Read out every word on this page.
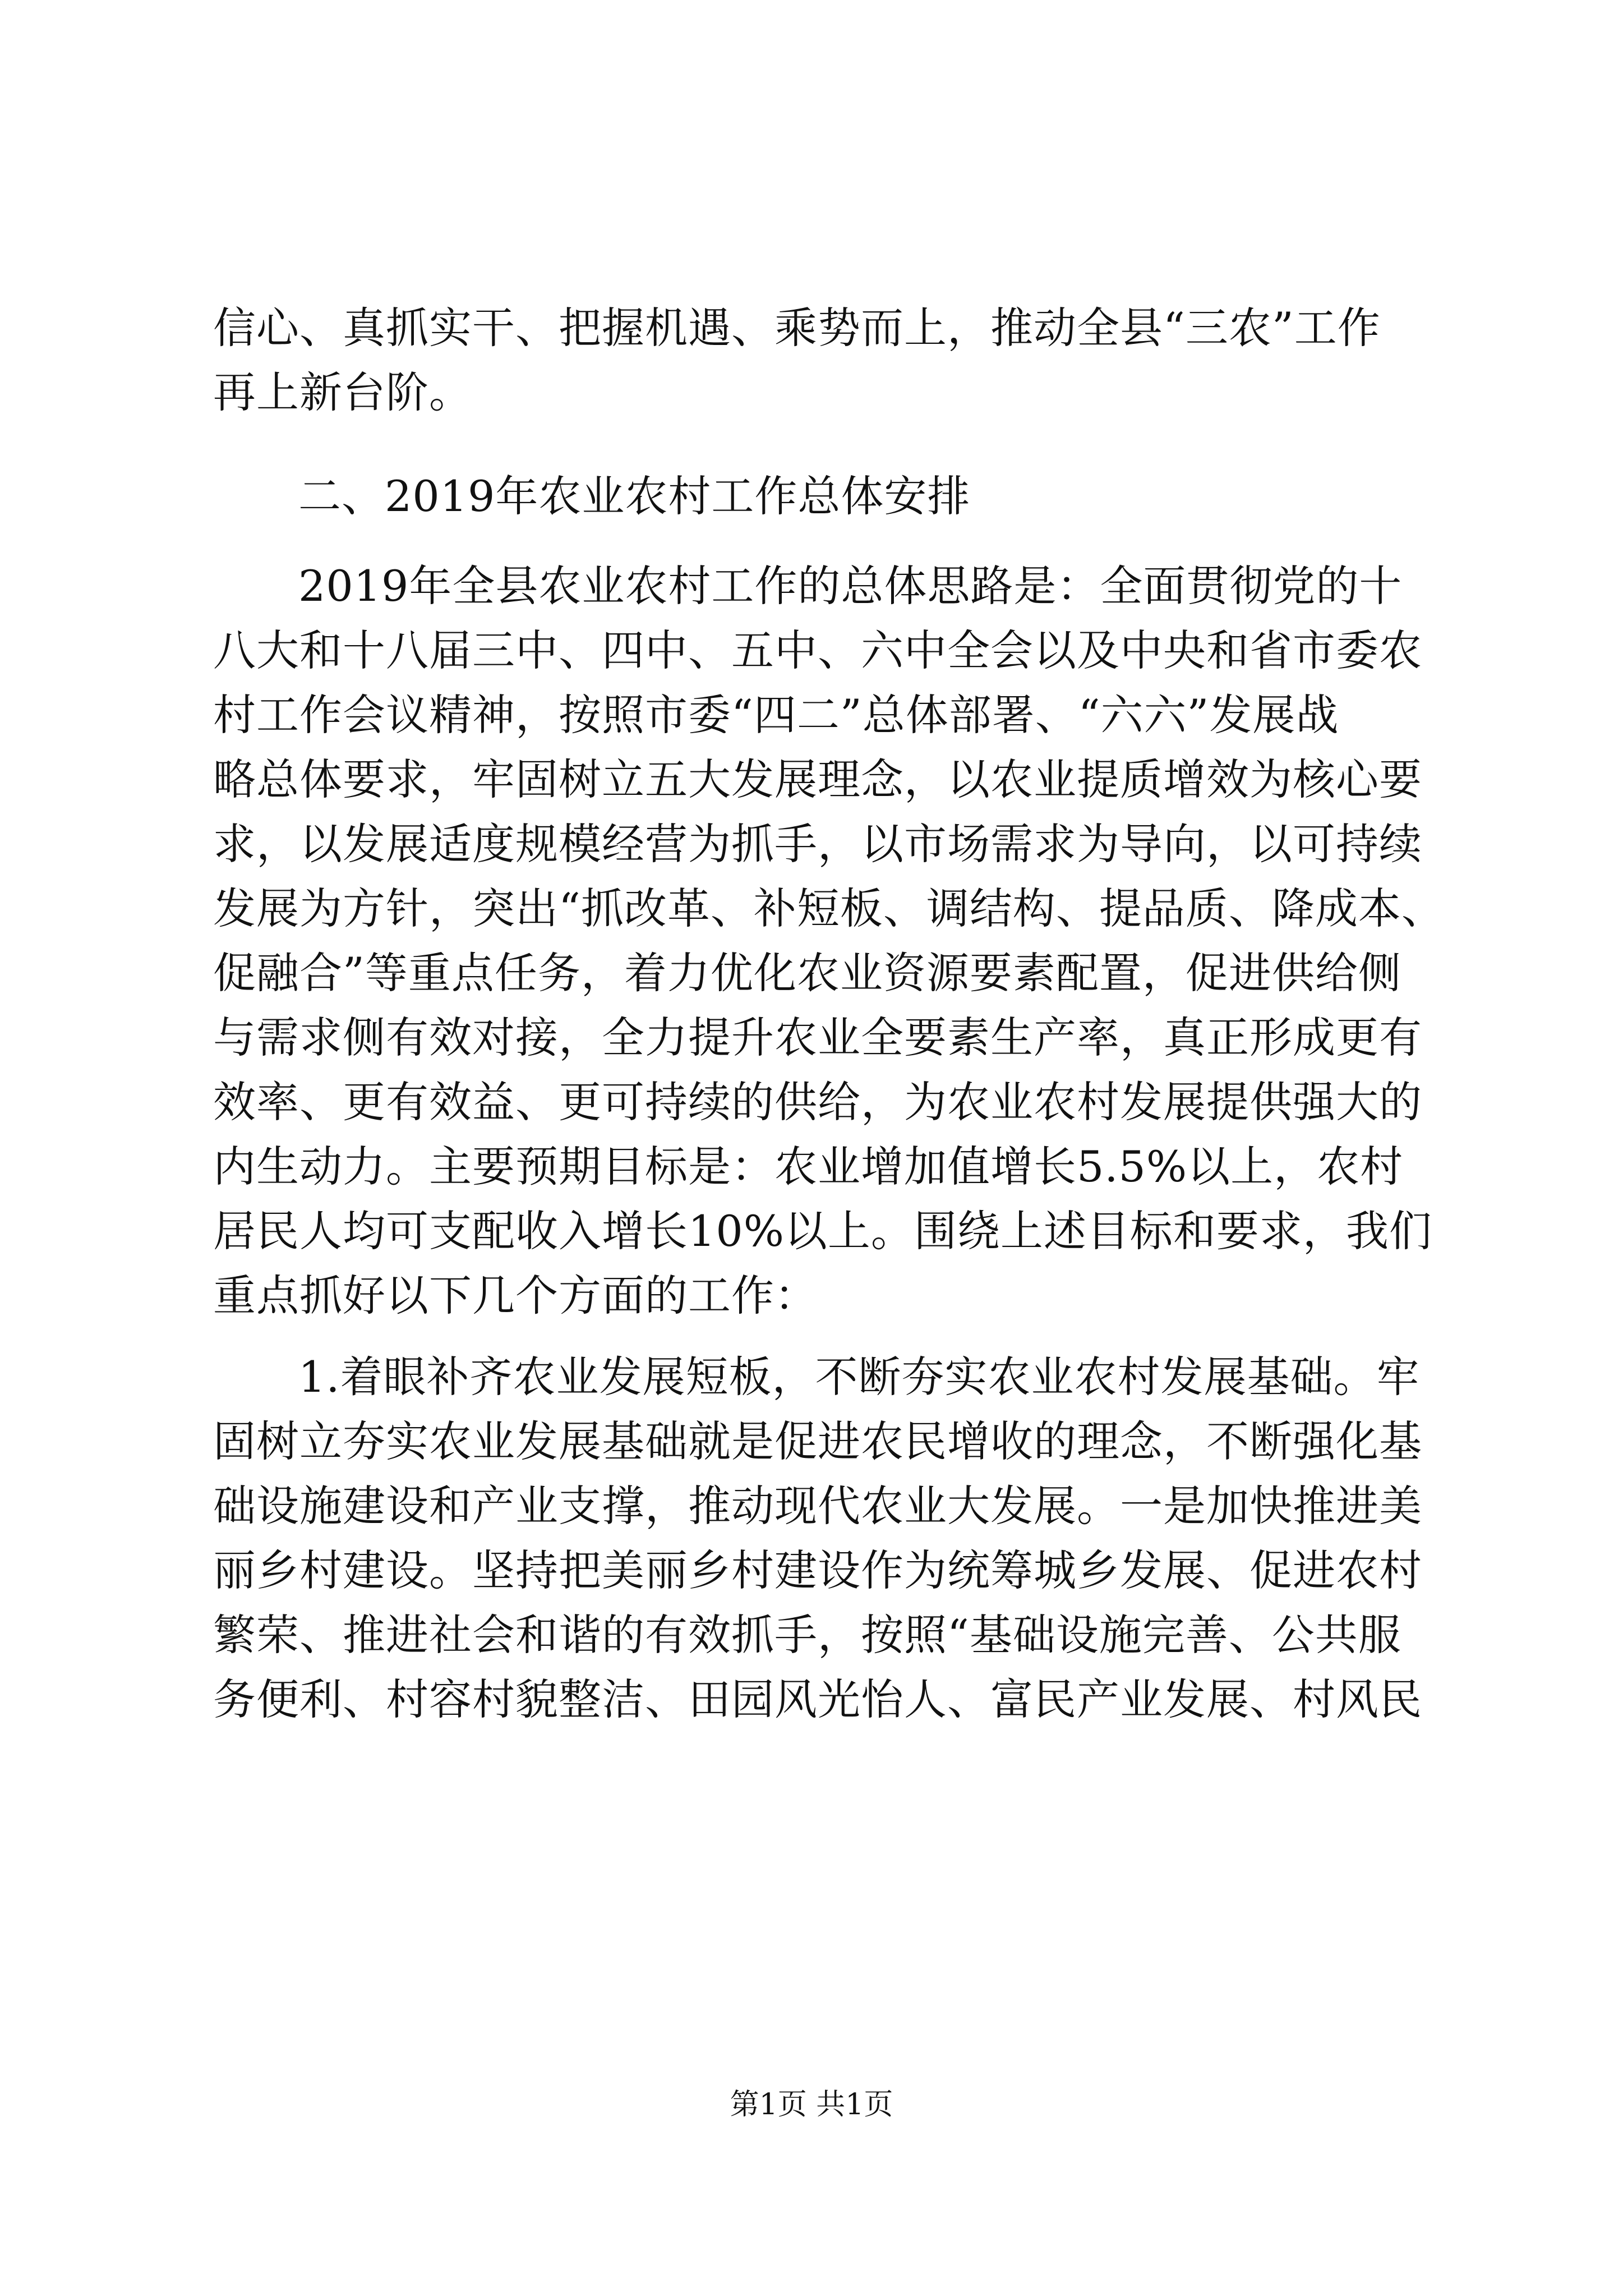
信心、真抓实干、把握机遇、乘势而上，推动全县“三农”工作
再上新台阶。
二、2019年农业农村工作总体安排
2019年全县农业农村工作的总体思路是：全面贯彻党的十
八大和十八届三中、四中、五中、六中全会以及中央和省市委农
村工作会议精神，按照市委“四二”总体部署、“六六”发展战
略总体要求，牢固树立五大发展理念，以农业提质增效为核心要
求，以发展适度规模经营为抓手，以市场需求为导向，以可持续
发展为方针，突出“抓改革、补短板、调结构、提品质、降成本、
促融合”等重点任务，着力优化农业资源要素配置，促进供给侧
与需求侧有效对接，全力提升农业全要素生产率，真正形成更有
效率、更有效益、更可持续的供给，为农业农村发展提供强大的
内生动力。主要预期目标是：农业增加值增长5.5%以上，农村
居民人均可支配收入增长10%以上。围绕上述目标和要求，我们
重点抓好以下几个方面的工作：
1.着眼补齐农业发展短板，不断夯实农业农村发展基础。牢
固树立夯实农业发展基础就是促进农民增收的理念，不断强化基
础设施建设和产业支撑，推动现代农业大发展。一是加快推进美
丽乡村建设。坚持把美丽乡村建设作为统筹城乡发展、促进农村
繁荣、推进社会和谐的有效抓手，按照“基础设施完善、公共服
务便利、村容村貌整洁、田园风光怡人、富民产业发展、村风民
第1页 共1页
